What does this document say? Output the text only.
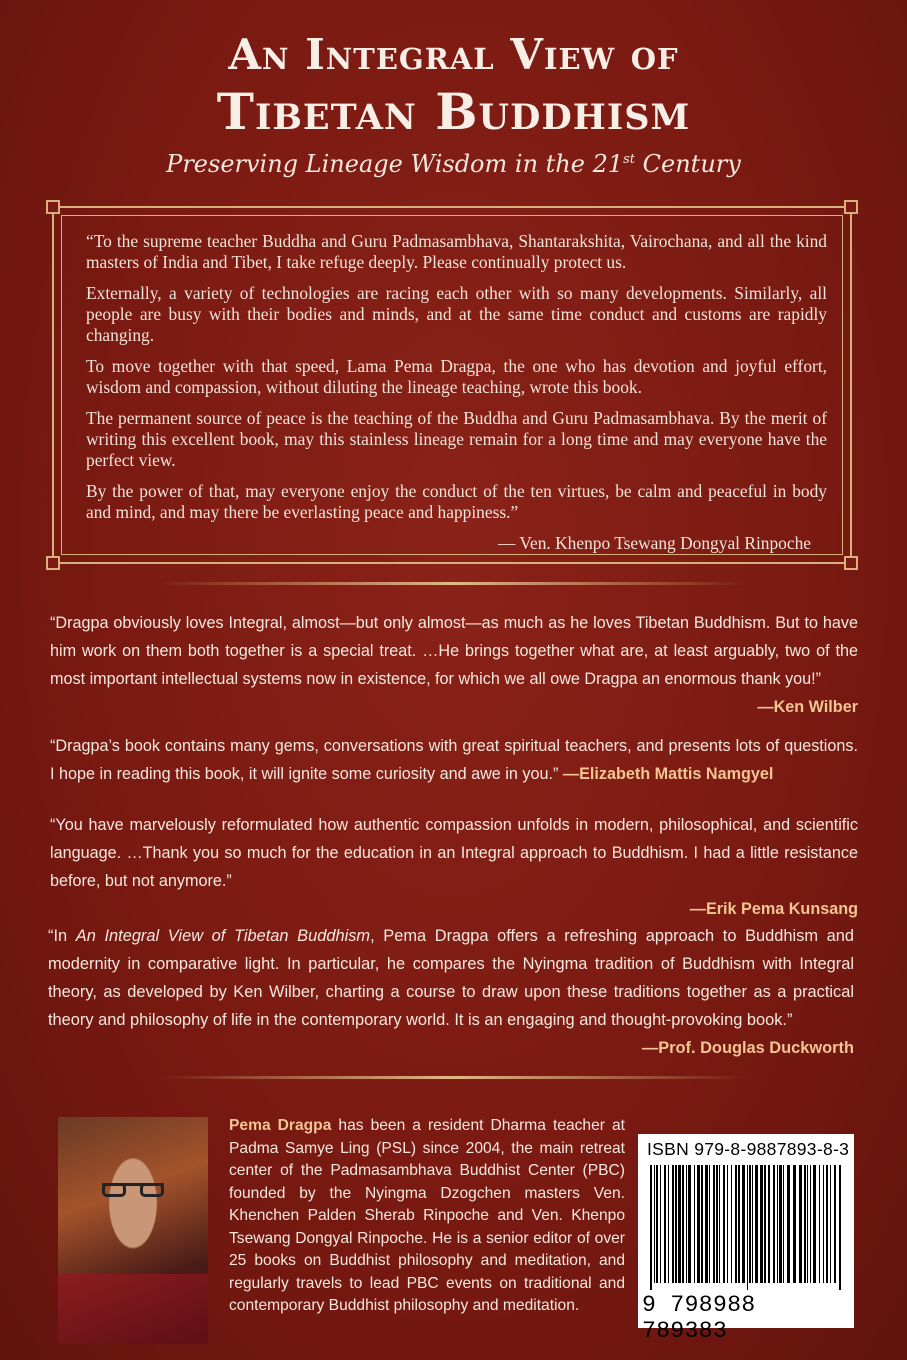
An Integral View of
Tibetan Buddhism
Preserving Lineage Wisdom in the 21st Century

“To the supreme teacher Buddha and Guru Padmasambhava, Shantarakshita, Vairochana, and all the kind masters of India and Tibet, I take refuge deeply. Please continually protect us.

Externally, a variety of technologies are racing each other with so many developments. Similarly, all people are busy with their bodies and minds, and at the same time conduct and customs are rapidly changing.

To move together with that speed, Lama Pema Dragpa, the one who has devotion and joyful effort, wisdom and compassion, without diluting the lineage teaching, wrote this book.

The permanent source of peace is the teaching of the Buddha and Guru Padmasambhava. By the merit of writing this excellent book, may this stainless lineage remain for a long time and may everyone have the perfect view.

By the power of that, may everyone enjoy the conduct of the ten virtues, be calm and peaceful in body and mind, and may there be everlasting peace and happiness.”

— Ven. Khenpo Tsewang Dongyal Rinpoche

“Dragpa obviously loves Integral, almost—but only almost—as much as he loves Tibetan Buddhism. But to have him work on them both together is a special treat. …He brings together what are, at least arguably, two of the most important intellectual systems now in existence, for which we all owe Dragpa an enormous thank you!”
—Ken Wilber
“Dragpa’s book contains many gems, conversations with great spiritual teachers, and presents lots of questions. I hope in reading this book, it will ignite some curiosity and awe in you.” —Elizabeth Mattis Namgyel
“You have marvelously reformulated how authentic compassion unfolds in modern, philosophical, and scientific language. …Thank you so much for the education in an Integral approach to Buddhism. I had a little resistance before, but not anymore.”
—Erik Pema Kunsang
“In An Integral View of Tibetan Buddhism, Pema Dragpa offers a refreshing approach to Buddhism and modernity in comparative light. In particular, he compares the Nyingma tradition of Buddhism with Integral theory, as developed by Ken Wilber, charting a course to draw upon these traditions together as a practical theory and philosophy of life in the contemporary world. It is an engaging and thought-provoking book.”
—Prof. Douglas Duckworth
Pema Dragpa has been a resident Dharma teacher at Padma Samye Ling (PSL) since 2004, the main retreat center of the Padmasambhava Buddhist Center (PBC) founded by the Nyingma Dzogchen masters Ven. Khenchen Palden Sherab Rinpoche and Ven. Khenpo Tsewang Dongyal Rinpoche. He is a senior editor of over 25 books on Buddhist philosophy and meditation, and regularly travels to lead PBC events on traditional and contemporary Buddhist philosophy and meditation.
ISBN 979-8-9887893-8-3
9 798988 789383
